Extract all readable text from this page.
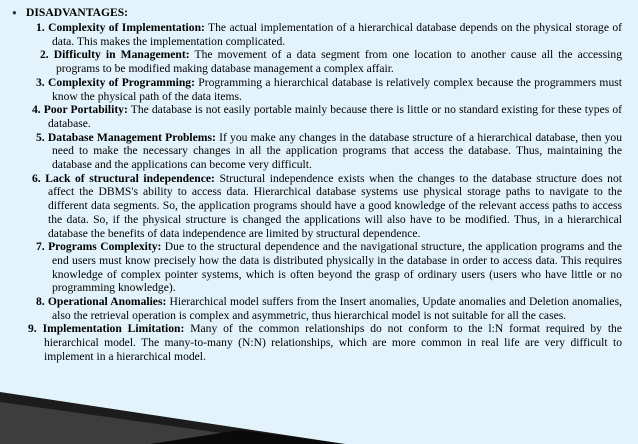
● DISADVANTAGES:

1. Complexity of Implementation: The actual implementation of a hierarchical database depends on the physical storage of data. This makes the implementation complicated.

2. Difficulty in Management: The movement of a data segment from one location to another cause all the accessing programs to be modified making database management a complex affair.

3. Complexity of Programming: Programming a hierarchical database is relatively complex because the programmers must know the physical path of the data items.

4. Poor Portability: The database is not easily portable mainly because there is little or no standard existing for these types of database.

5. Database Management Problems: If you make any changes in the database structure of a hierarchical database, then you need to make the necessary changes in all the application programs that access the database. Thus, maintaining the database and the applications can become very difficult.

6. Lack of structural independence: Structural independence exists when the changes to the database structure does not affect the DBMS's ability to access data. Hierarchical database systems use physical storage paths to navigate to the different data segments. So, the application programs should have a good knowledge of the relevant access paths to access the data. So, if the physical structure is changed the applications will also have to be modified. Thus, in a hierarchical database the benefits of data independence are limited by structural dependence.

7. Programs Complexity: Due to the structural dependence and the navigational structure, the application programs and the end users must know precisely how the data is distributed physically in the database in order to access data. This requires knowledge of complex pointer systems, which is often beyond the grasp of ordinary users (users who have little or no programming knowledge).

8. Operational Anomalies: Hierarchical model suffers from the Insert anomalies, Update anomalies and Deletion anomalies, also the retrieval operation is complex and asymmetric, thus hierarchical model is not suitable for all the cases.

9. Implementation Limitation: Many of the common relationships do not conform to the l:N format required by the hierarchical model. The many-to-many (N:N) relationships, which are more common in real life are very difficult to implement in a hierarchical model.
